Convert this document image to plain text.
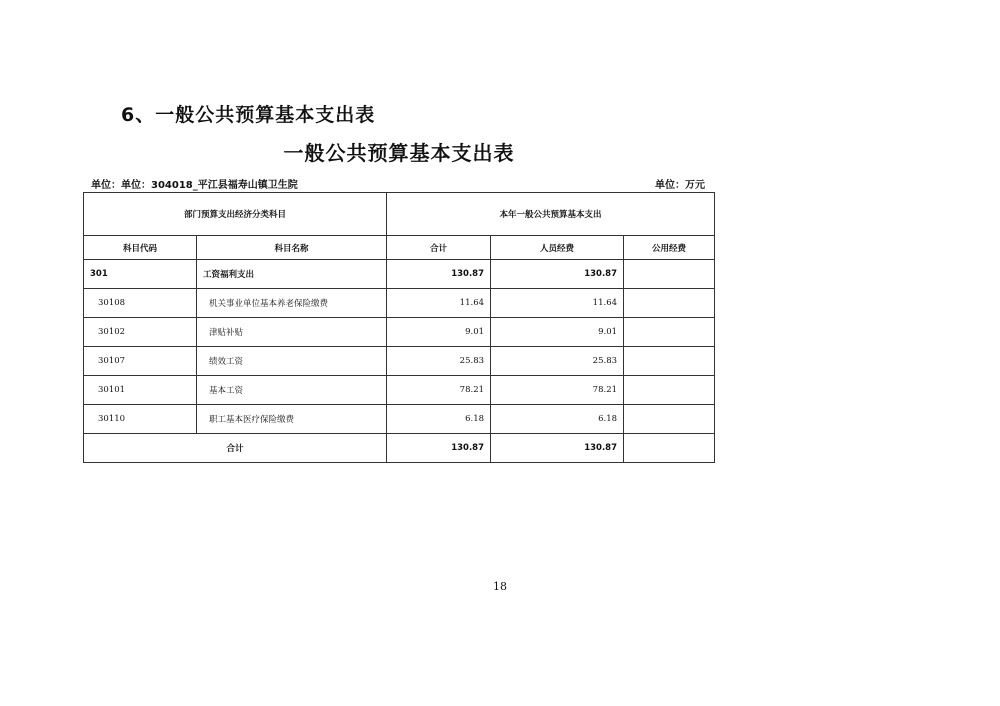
6、一般公共预算基本支出表
一般公共预算基本支出表
单位：单位：304018_平江县福寿山镇卫生院	单位：万元
部门预算支出经济分类科目		本年一般公共预算基本支出		
科目代码	科目名称	合计	人员经费	公用经费
301	工资福利支出	130.87	130.87	
30108	机关事业单位基本养老保险缴费	11.64	11.64	
30102	津贴补贴	9.01	9.01	
30107	绩效工资	25.83	25.83	
30101	基本工资	78.21	78.21	
30110	职工基本医疗保险缴费	6.18	6.18	
合计		130.87	130.87	
18
